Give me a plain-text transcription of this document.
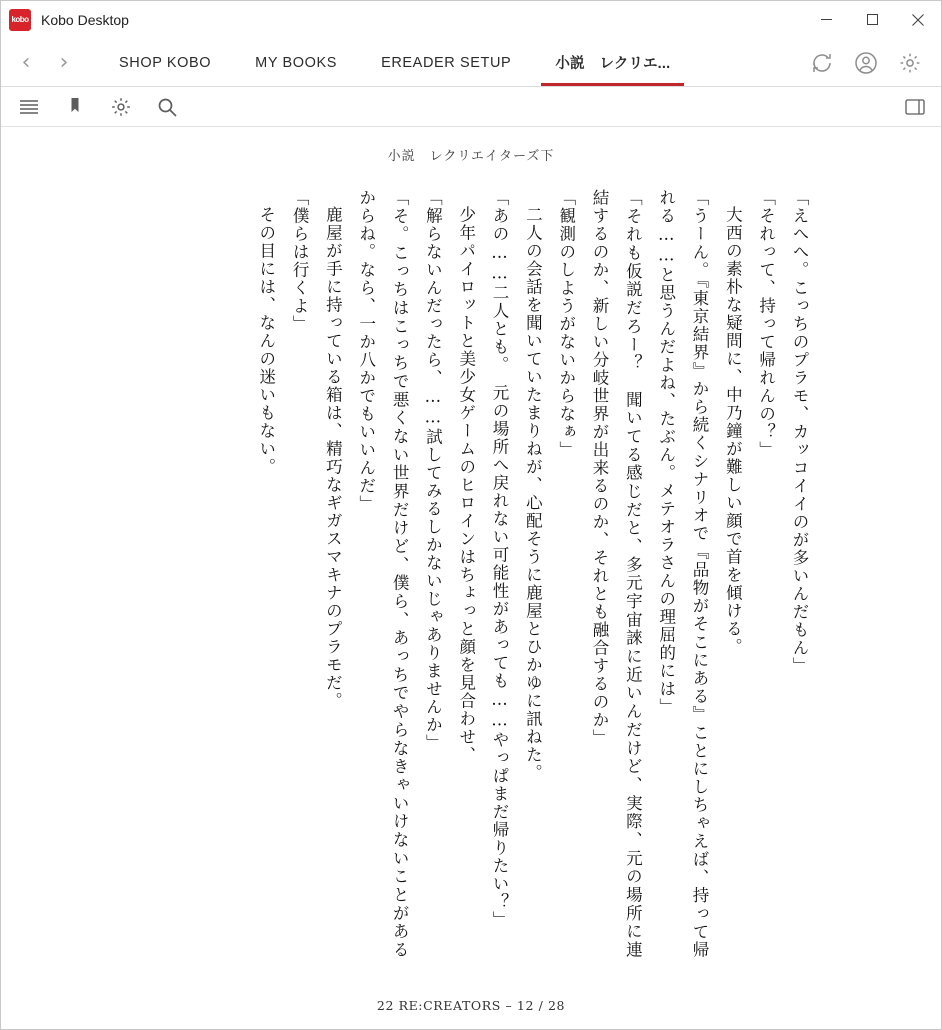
kobo Kobo Desktop
‹	›	SHOP KOBO	MY BOOKS	EREADER SETUP	小説　レクリエ...
小説　レクリエイターズ下

「えへへ。こっちのプラモ、カッコイイのが多いんだもん」

「それって、持って帰れんの？」

大西の素朴な疑問に、中乃鐘が難しい顔で首を傾ける。

「うーん。『東京結界』から続くシナリオで『品物がそこにある』ことにしちゃえば、持って帰れる……と思うんだよね、たぶん。メテオラさんの理屈的には」

「それも仮説だろー？　聞いてる感じだと、多元宇宙誺に近いんだけど、実際、元の場所に連結するのか、新しい分岐世界が出来るのか、それとも融合するのか」

「観測のしようがないからなぁ」

二人の会話を聞いていたまりねが、心配そうに鹿屋とひかゆに訊ねた。

「あの……二人とも。　元の場所へ戻れない可能性があっても……やっぱまだ帰りたい？」

少年パイロットと美少女ゲームのヒロインはちょっと顔を見合わせ、

「解らないんだったら、……試してみるしかないじゃありませんか」

「そ。こっちはこっちで悪くない世界だけど、僕ら、あっちでやらなきゃいけないことがあるからね。なら、一か八かでもいいんだ」

鹿屋が手に持っている箱は、精巧なギガスマキナのプラモだ。

「僕らは行くよ」

その目には、なんの迷いもない。

22 RE:CREATORS – 12 / 28
